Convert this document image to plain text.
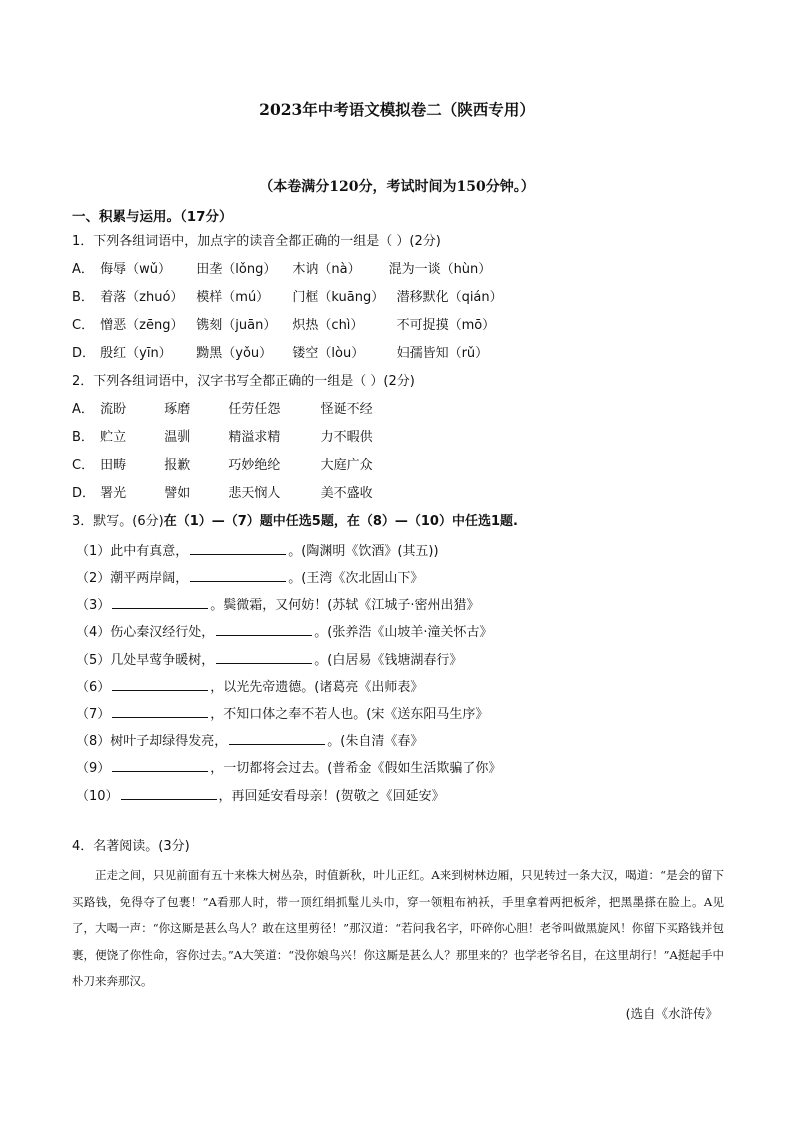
2023年中考语文模拟卷二（陕西专用）
（本卷满分120分，考试时间为150分钟。）
一、积累与运用。（17分）
1．下列各组词语中，加点字的读音全都正确的一组是（ ）(2分)
A． 侮辱（wǔ） 田垄（lǒng） 木讷（nà） 混为一谈（hùn）
B． 着落（zhuó） 模样（mú） 门框（kuāng） 潜移默化（qián）
C． 憎恶（zēng） 镌刻（juān） 炽热（chì）	不可捉摸（mō）
D． 殷红（yīn） 黝黑（yǒu） 镂空（lòu） 妇孺皆知（rǔ）
2．下列各组词语中，汉字书写全都正确的一组是（ ）(2分)
A． 流盼	琢磨	任劳任怨	怪诞不经
B． 贮立	温驯	精溢求精	力不暇供
C． 田畴	报歉	巧妙绝纶	大庭广众
D． 署光	譬如	悲天悯人	美不盛收
3．默写。(6分)在（1）—（7）题中任选5题，在（8）—（10）中任选1题.
（1）此中有真意，	。(陶渊明《饮酒》(其五))
（2）潮平两岸阔，	。(王湾《次北固山下》
（3）	。鬓微霜，又何妨！(苏轼《江城子·密州出猎》
（4）伤心秦汉经行处，	。(张养浩《山坡羊·潼关怀古》
（5）几处早莺争暖树，	。(白居易《钱塘湖春行》
（6）	，以光先帝遗德。(诸葛亮《出师表》
（7）	，不知口体之奉不若人也。(宋《送东阳马生序》
（8）树叶子却绿得发亮，	。(朱自清《春》
（9）	，一切都将会过去。(普希金《假如生活欺骗了你》
（10）	，再回延安看母亲！(贺敬之《回延安》
4．名著阅读。(3分)
正走之间，只见前面有五十来株大树丛杂，时值新秋，叶儿正红。A来到树林边厢，只见转过一条大汉，喝道：“是会的留下买路钱，免得夺了包裹！”A看那人时，带一顶红绢抓髽儿头巾，穿一领粗布衲袄，手里拿着两把板斧，把黑墨搽在脸上。A见了，大喝一声：“你这厮是甚么鸟人？敢在这里剪径！”那汉道：“若问我名字，吓碎你心胆！老爷叫做黑旋风！你留下买路钱并包裹，便饶了你性命，容你过去。”A大笑道：“没你娘鸟兴！你这厮是甚么人？那里来的？也学老爷名目，在这里胡行！”A挺起手中朴刀来奔那汉。
(选自《水浒传》
